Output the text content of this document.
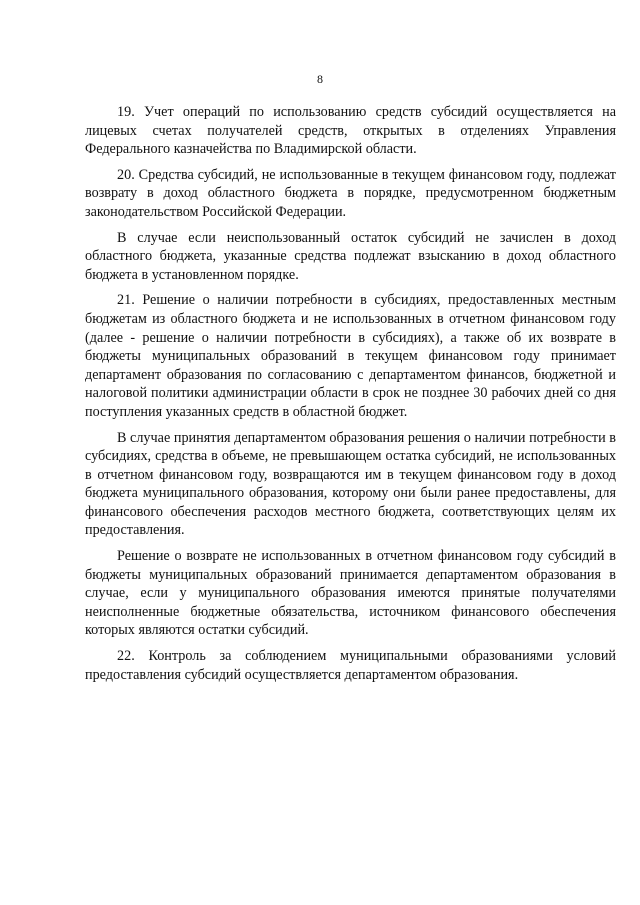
8

19. Учет операций по использованию средств субсидий осуществляется на лицевых счетах получателей средств, открытых в отделениях Управления Федерального казначейства по Владимирской области.

20. Средства субсидий, не использованные в текущем финансовом году, подлежат возврату в доход областного бюджета в порядке, предусмотренном бюджетным законодательством Российской Федерации.

В случае если неиспользованный остаток субсидий не зачислен в доход областного бюджета, указанные средства подлежат взысканию в доход областного бюджета в установленном порядке.

21. Решение о наличии потребности в субсидиях, предоставленных местным бюджетам из областного бюджета и не использованных в отчетном финансовом году (далее - решение о наличии потребности в субсидиях), а также об их возврате в бюджеты муниципальных образований в текущем финансовом году принимает департамент образования по согласованию с департаментом финансов, бюджетной и налоговой политики администрации области в срок не позднее 30 рабочих дней со дня поступления указанных средств в областной бюджет.

В случае принятия департаментом образования решения о наличии потребности в субсидиях, средства в объеме, не превышающем остатка субсидий, не использованных в отчетном финансовом году, возвращаются им в текущем финансовом году в доход бюджета муниципального образования, которому они были ранее предоставлены, для финансового обеспечения расходов местного бюджета, соответствующих целям их предоставления.

Решение о возврате не использованных в отчетном финансовом году субсидий в бюджеты муниципальных образований принимается департаментом образования в случае, если у муниципального образования имеются принятые получателями неисполненные бюджетные обязательства, источником финансового обеспечения которых являются остатки субсидий.

22. Контроль за соблюдением муниципальными образованиями условий предоставления субсидий осуществляется департаментом образования.
